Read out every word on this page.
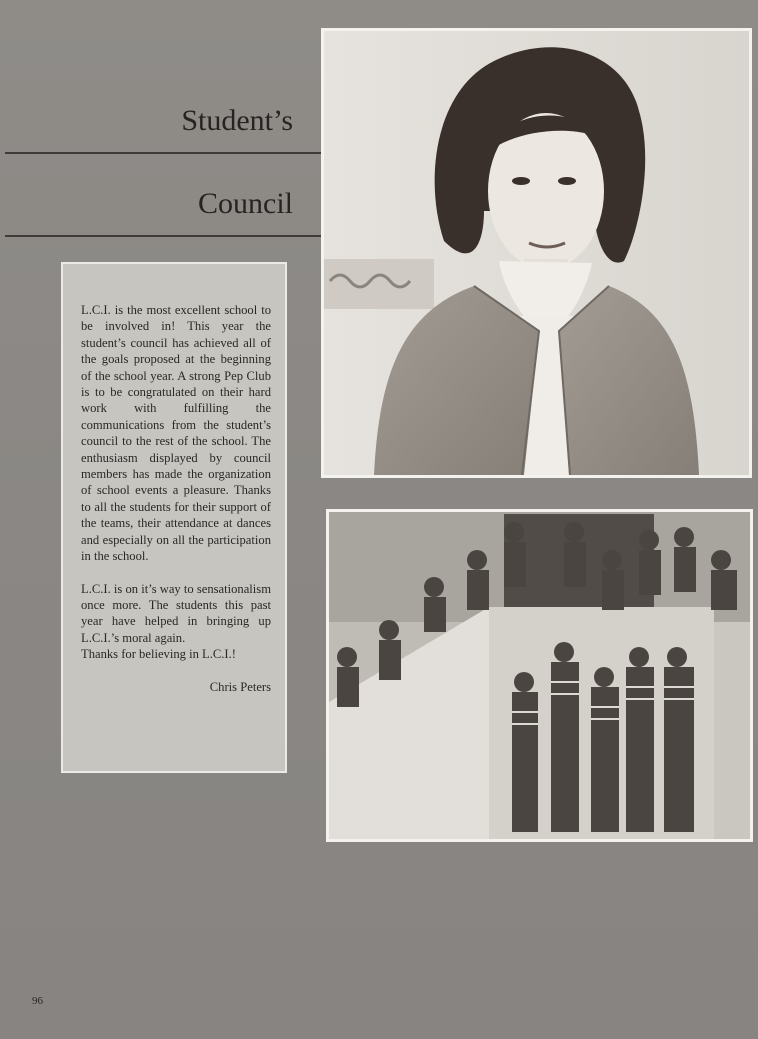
Student’s
Council

L.C.I. is the most excellent school to be involved in! This year the student’s council has achieved all of the goals proposed at the beginning of the school year. A strong Pep Club is to be congratulated on their hard work with fulfilling the communications from the student’s council to the rest of the school. The enthusiasm displayed by council members has made the organization of school events a pleasure. Thanks to all the students for their support of the teams, their attendance at dances and especially on all the participation in the school.

L.C.I. is on it’s way to sensationalism once more. The students this past year have helped in bringing up L.C.I.’s moral again.

Thanks for believing in L.C.I.!
Chris Peters
96
